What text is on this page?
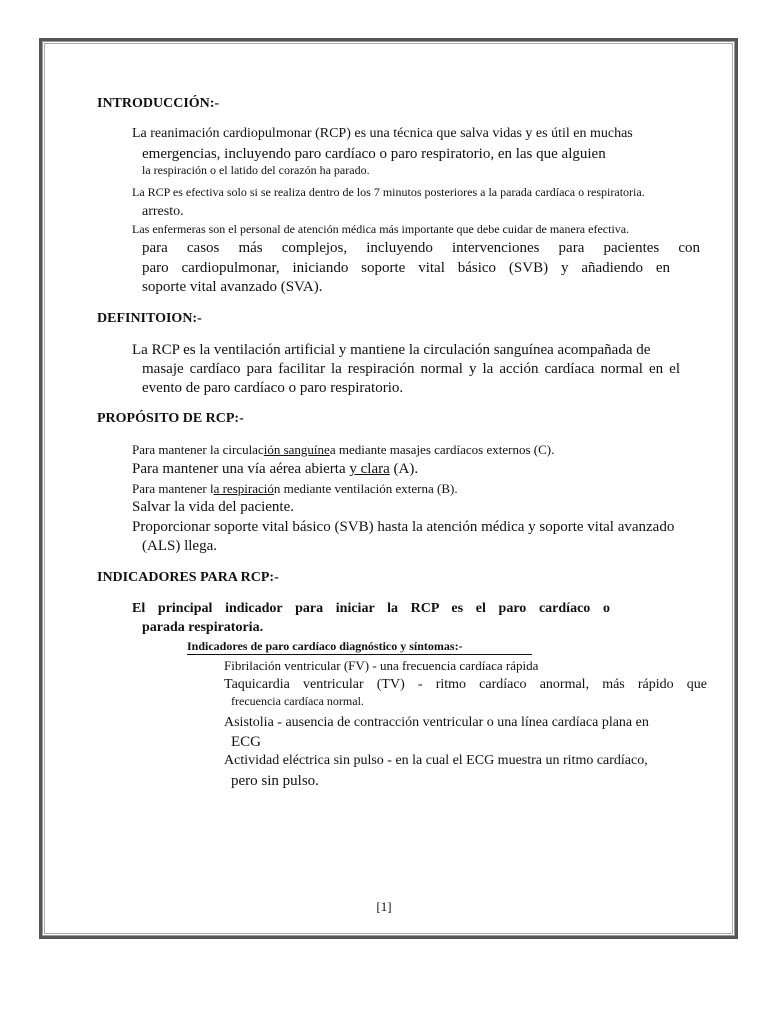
INTRODUCCIÓN:-
La reanimación cardiopulmonar (RCP) es una técnica que salva vidas y es útil en muchas
emergencias, incluyendo paro cardíaco o paro respiratorio, en las que alguien
la respiración o el latido del corazón ha parado.
La RCP es efectiva solo si se realiza dentro de los 7 minutos posteriores a la parada cardíaca o respiratoria.
arresto.
Las enfermeras son el personal de atención médica más importante que debe cuidar de manera efectiva.
para casos más complejos, incluyendo intervenciones para pacientes con
paro cardiopulmonar, iniciando soporte vital básico (SVB) y añadiendo en
soporte vital avanzado (SVA).
DEFINITOION:-
La RCP es la ventilación artificial y mantiene la circulación sanguínea acompañada de
masaje cardíaco para facilitar la respiración normal y la acción cardíaca normal en el
evento de paro cardíaco o paro respiratorio.
PROPÓSITO DE RCP:-
Para mantener la circulación sanguínea mediante masajes cardíacos externos (C).
Para mantener una vía aérea abierta y clara (A).
Para mantener la respiración mediante ventilación externa (B).
Salvar la vida del paciente.
Proporcionar soporte vital básico (SVB) hasta la atención médica y soporte vital avanzado
(ALS) llega.
INDICADORES PARA RCP:-
El principal indicador para iniciar la RCP es el paro cardíaco o
parada respiratoria.
Indicadores de paro cardíaco diagnóstico y síntomas:-
Fibrilación ventricular (FV) - una frecuencia cardíaca rápida
Taquicardia ventricular (TV) - ritmo cardíaco anormal, más rápido que
frecuencia cardíaca normal.
Asistolia - ausencia de contracción ventricular o una línea cardíaca plana en
ECG
Actividad eléctrica sin pulso - en la cual el ECG muestra un ritmo cardíaco,
pero sin pulso.
[1]
